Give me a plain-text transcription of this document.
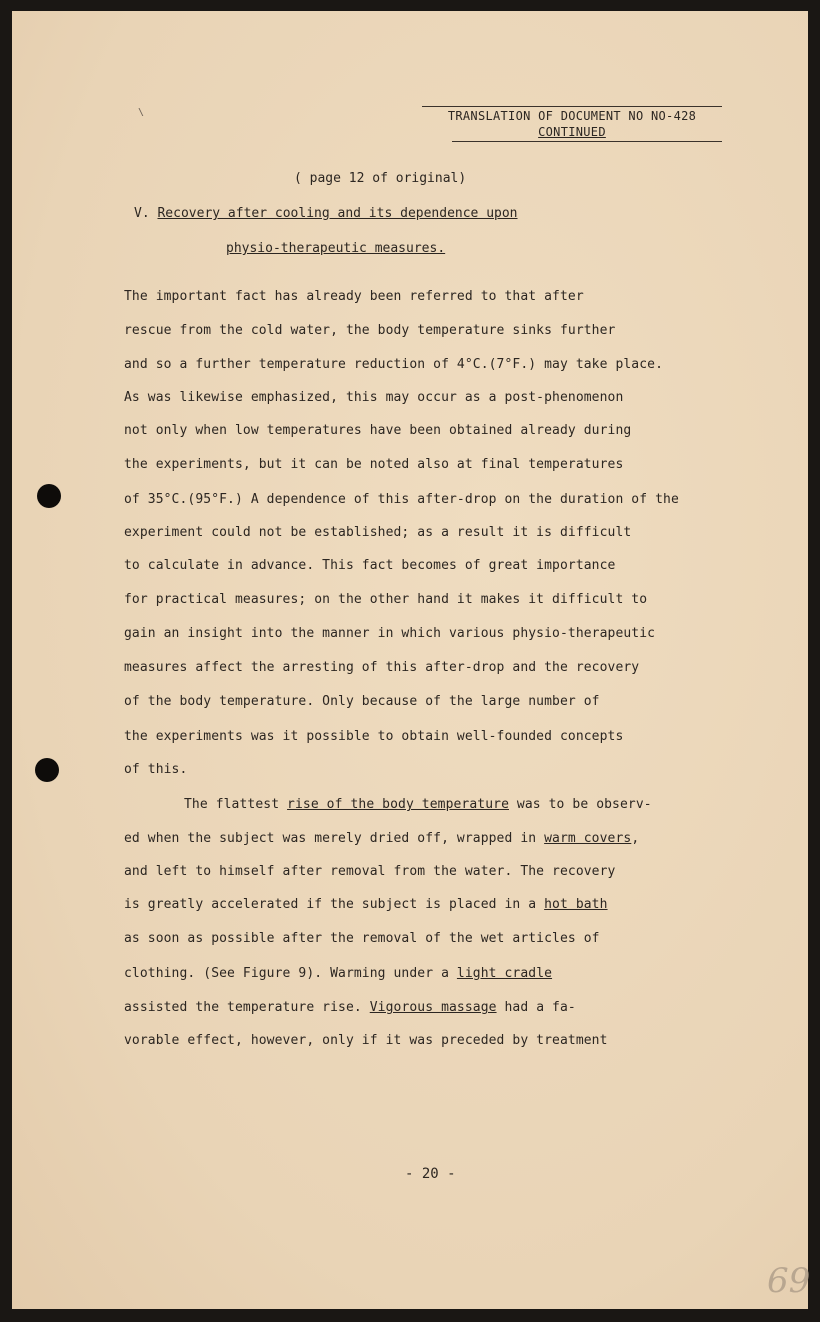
\	TRANSLATION OF DOCUMENT NO NO-428
CONTINUED
( page 12 of original)
V. Recovery after cooling and its dependence upon
physio-therapeutic measures.
The important fact has already been referred to that after
rescue from the cold water, the body temperature sinks further
and so a further temperature reduction of 4°C.(7°F.) may take place.
As was likewise emphasized, this may occur as a post-phenomenon
not only when low temperatures have been obtained already during
the experiments, but it can be noted also at final temperatures
of 35°C.(95°F.) A dependence of this after-drop on the duration of the
experiment could not be established; as a result it is difficult
to calculate in advance. This fact becomes of great importance
for practical measures; on the other hand it makes it difficult to
gain an insight into the manner in which various physio-therapeutic
measures affect the arresting of this after-drop and the recovery
of the body temperature. Only because of the large number of
the experiments was it possible to obtain well-founded concepts
of this.
The flattest rise of the body temperature was to be observ-
ed when the subject was merely dried off, wrapped in warm covers,
and left to himself after removal from the water. The recovery
is greatly accelerated if the subject is placed in a hot bath
as soon as possible after the removal of the wet articles of
clothing. (See Figure 9). Warming under a light cradle
assisted the temperature rise. Vigorous massage had a fa-
vorable effect, however, only if it was preceded by treatment
- 20 -
69
